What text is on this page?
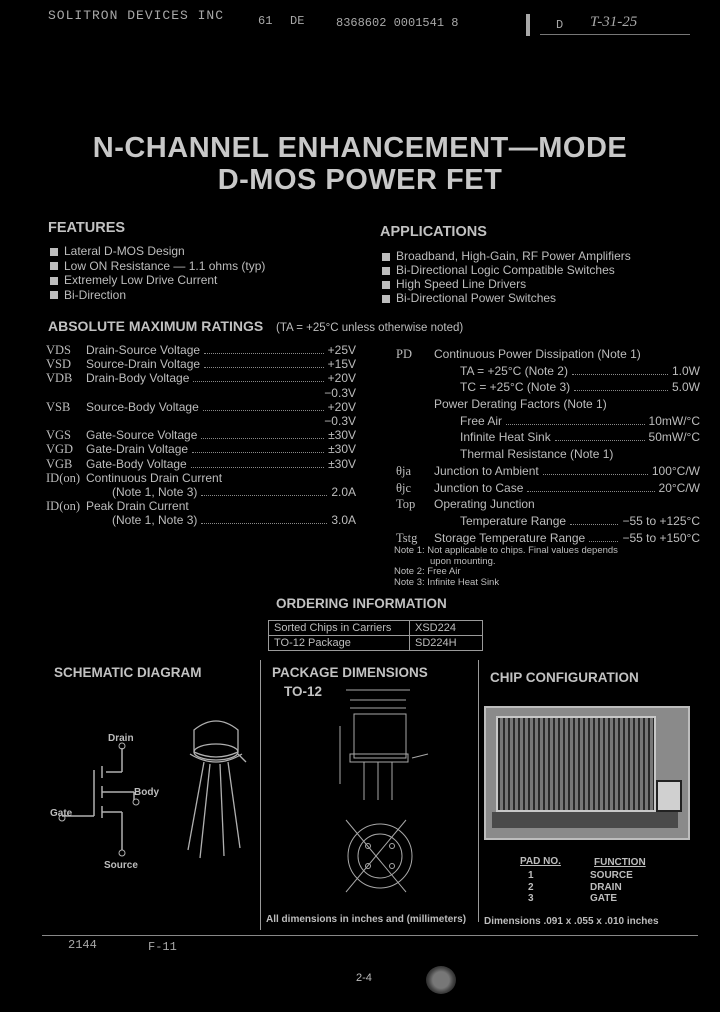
SOLITRON DEVICES INC	61 DE	8368602 0001541 8	D T-31-25
N-CHANNEL ENHANCEMENT—MODE
D-MOS POWER FET
FEATURES
Lateral D-MOS Design
Low ON Resistance — 1.1 ohms (typ)
Extremely Low Drive Current
Bi-Direction
APPLICATIONS
Broadband, High-Gain, RF Power Amplifiers
Bi-Directional Logic Compatible Switches
High Speed Line Drivers
Bi-Directional Power Switches
ABSOLUTE MAXIMUM RATINGS (TA = +25°C unless otherwise noted)
VDS Drain-Source Voltage	+25V
VSD Source-Drain Voltage	+15V
VDB Drain-Body Voltage	+20V
−0.3V
VSB Source-Body Voltage	+20V
−0.3V
VGS Gate-Source Voltage	±30V
VGD Gate-Drain Voltage	±30V
VGB Gate-Body Voltage	±30V
ID(on) Continuous Drain Current
(Note 1, Note 3)	2.0A
ID(on) Peak Drain Current
(Note 1, Note 3)	3.0A
PD Continuous Power Dissipation (Note 1)
TA = +25°C (Note 2)	1.0W
TC = +25°C (Note 3)	5.0W
Power Derating Factors (Note 1)
Free Air	10mW/°C
Infinite Heat Sink	50mW/°C
Thermal Resistance (Note 1)
θja Junction to Ambient	100°C/W
θjc Junction to Case	20°C/W
Top Operating Junction
Temperature Range	−55 to +125°C
Tstg Storage Temperature Range	−55 to +150°C
Note 1: Not applicable to chips. Final values depends
upon mounting.
Note 2: Free Air
Note 3: Infinite Heat Sink
ORDERING INFORMATION
Sorted Chips in Carriers	XSD224
TO-12 Package	SD224H
SCHEMATIC DIAGRAM
Drain
Body
Gate
Source
PACKAGE DIMENSIONS
TO-12
All dimensions in inches and (millimeters)
CHIP CONFIGURATION
PAD NO.	FUNCTION
1	SOURCE
2	DRAIN
3	GATE
Dimensions .091 x .055 x .010 inches
2144	F-11
2-4
